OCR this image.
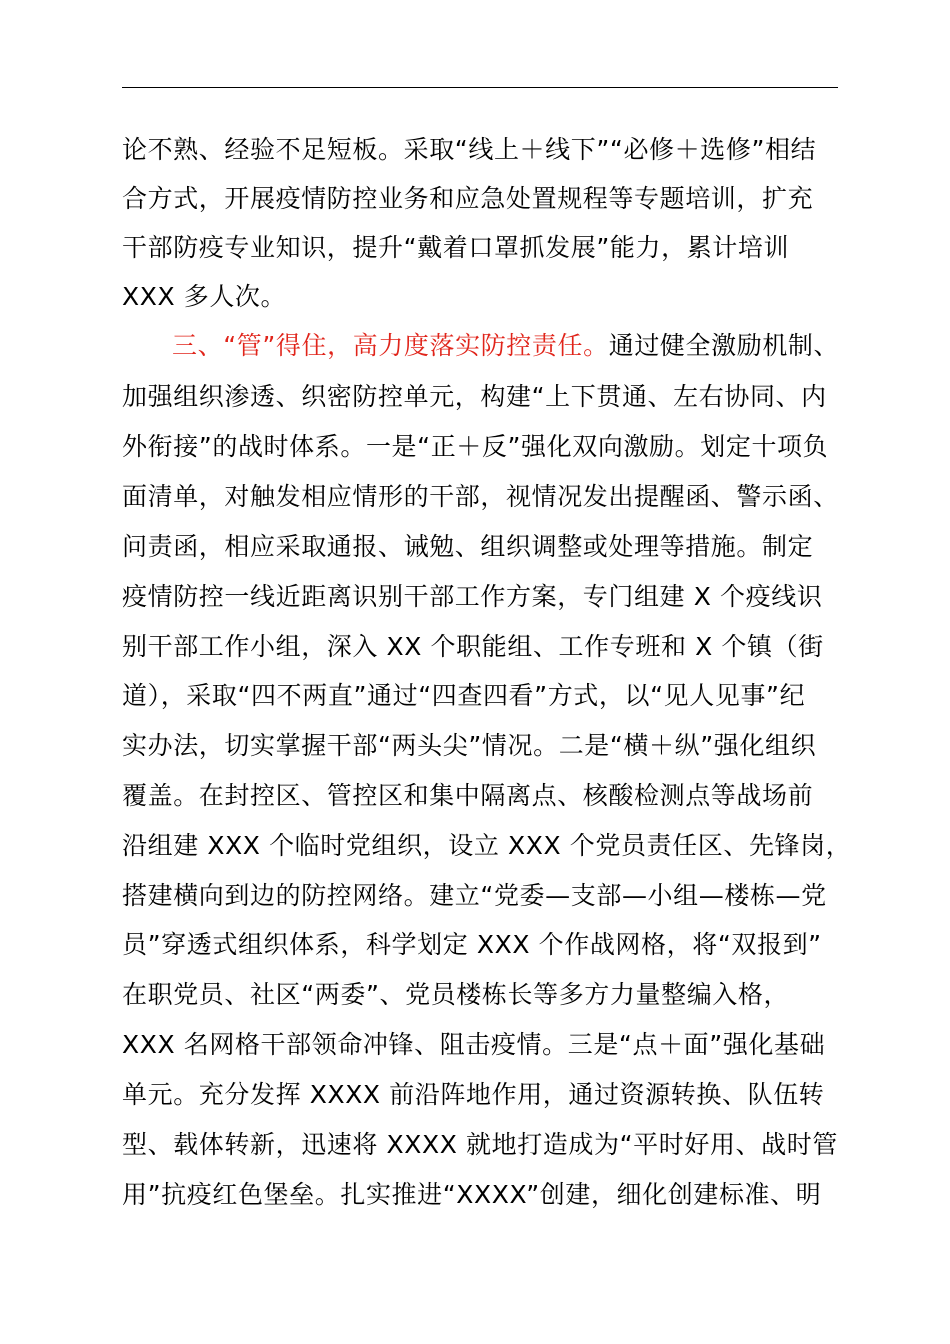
论不熟、经验不足短板。采取“线上＋线下”“必修＋选修”相结
合方式，开展疫情防控业务和应急处置规程等专题培训，扩充
干部防疫专业知识，提升“戴着口罩抓发展”能力，累计培训
XXX 多人次。
三、“管”得住，高力度落实防控责任。通过健全激励机制、
加强组织渗透、织密防控单元，构建“上下贯通、左右协同、内
外衔接”的战时体系。一是“正＋反”强化双向激励。划定十项负
面清单，对触发相应情形的干部，视情况发出提醒函、警示函、
问责函，相应采取通报、诫勉、组织调整或处理等措施。制定
疫情防控一线近距离识别干部工作方案，专门组建 X 个疫线识
别干部工作小组，深入 XX 个职能组、工作专班和 X 个镇（街
道），采取“四不两直”通过“四查四看”方式，以“见人见事”纪
实办法，切实掌握干部“两头尖”情况。二是“横＋纵”强化组织
覆盖。在封控区、管控区和集中隔离点、核酸检测点等战场前
沿组建 XXX 个临时党组织，设立 XXX 个党员责任区、先锋岗，
搭建横向到边的防控网络。建立“党委—支部—小组—楼栋—党
员”穿透式组织体系，科学划定 XXX 个作战网格，将“双报到”
在职党员、社区“两委”、党员楼栋长等多方力量整编入格，
XXX 名网格干部领命冲锋、阻击疫情。三是“点＋面”强化基础
单元。充分发挥 XXXX 前沿阵地作用，通过资源转换、队伍转
型、载体转新，迅速将 XXXX 就地打造成为“平时好用、战时管
用”抗疫红色堡垒。扎实推进“XXXX”创建，细化创建标准、明
